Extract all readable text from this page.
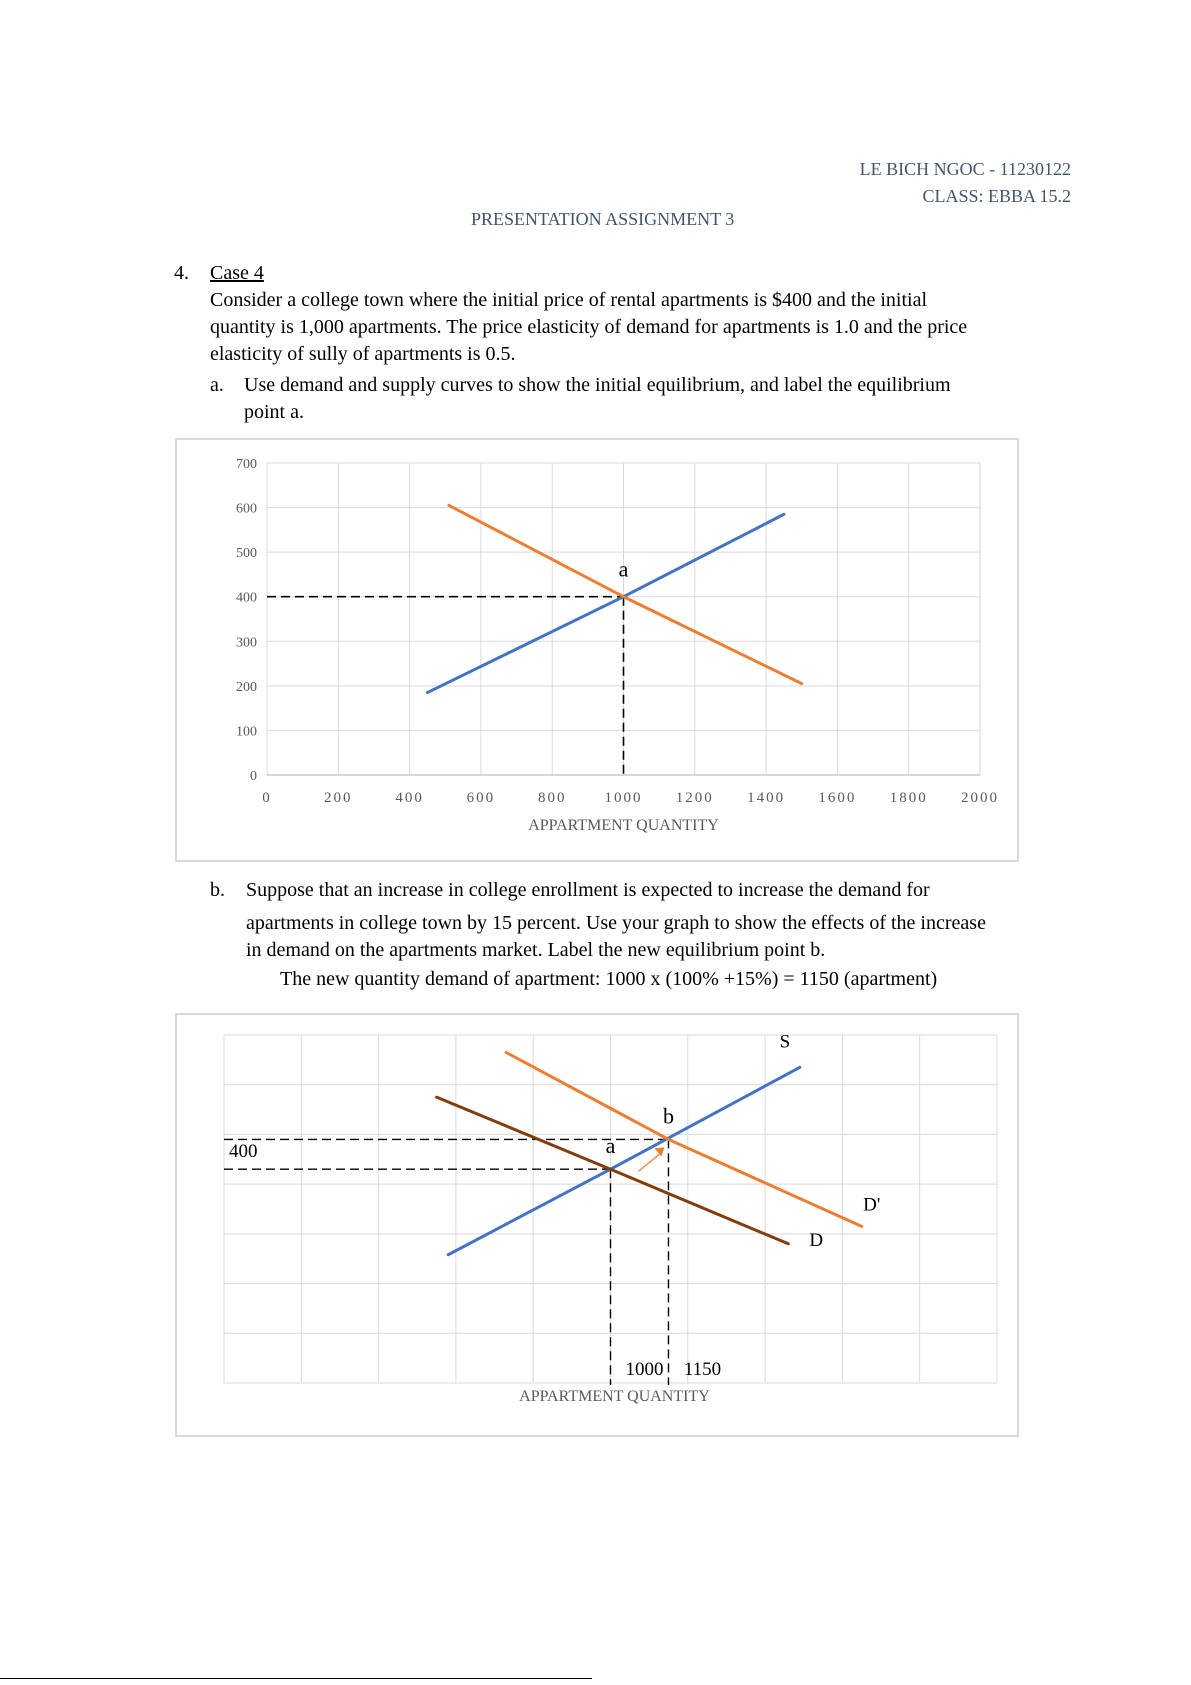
LE BICH NGOC - 11230122
CLASS: EBBA 15.2
PRESENTATION ASSIGNMENT 3
4. Case 4
Consider a college town where the initial price of rental apartments is $400 and the initial
quantity is 1,000 apartments. The price elasticity of demand for apartments is 1.0 and the price
elasticity of sully of apartments is 0.5.
a. Use demand and supply curves to show the initial equilibrium, and label the equilibrium
point a.
0
100
200
300
400
500
600
700
0	200	400	600	800	1000 1200 1400 1600 1800 2000
APPARTMENT QUANTITY
a
b. Suppose that an increase in college enrollment is expected to increase the demand for
apartments in college town by 15 percent. Use your graph to show the effects of the increase
in demand on the apartments market. Label the new equilibrium point b.
The new quantity demand of apartment: 1000 x (100% +15%) = 1150 (apartment)
a
b
S
D
D'
400
1000 1150
APPARTMENT QUANTITY
